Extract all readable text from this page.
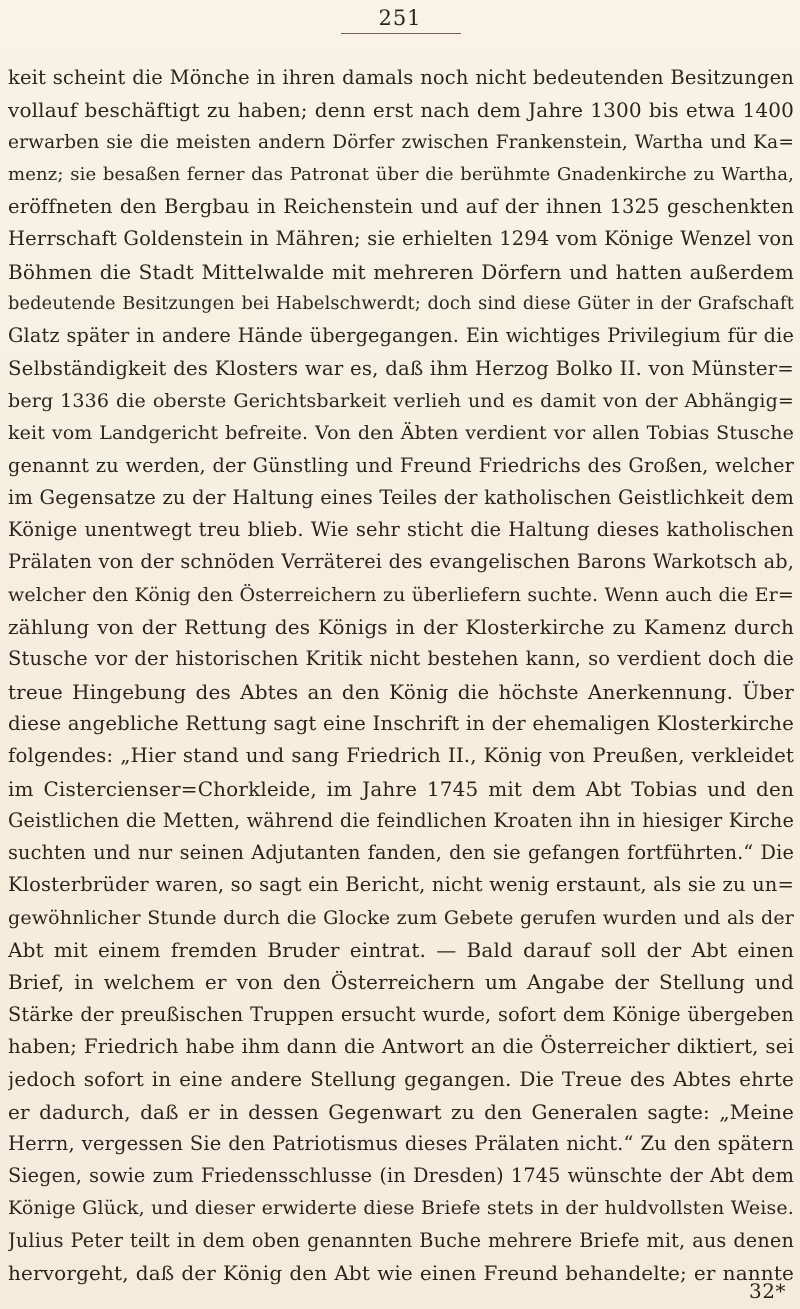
251
keit scheint die Mönche in ihren damals noch nicht bedeutenden Besitzungen
vollauf beschäftigt zu haben; denn erst nach dem Jahre 1300 bis etwa 1400
erwarben sie die meisten andern Dörfer zwischen Frankenstein, Wartha und Ka=
menz; sie besaßen ferner das Patronat über die berühmte Gnadenkirche zu Wartha,
eröffneten den Bergbau in Reichenstein und auf der ihnen 1325 geschenkten
Herrschaft Goldenstein in Mähren; sie erhielten 1294 vom Könige Wenzel von
Böhmen die Stadt Mittelwalde mit mehreren Dörfern und hatten außerdem
bedeutende Besitzungen bei Habelschwerdt; doch sind diese Güter in der Grafschaft
Glatz später in andere Hände übergegangen. Ein wichtiges Privilegium für die
Selbständigkeit des Klosters war es, daß ihm Herzog Bolko II. von Münster=
berg 1336 die oberste Gerichtsbarkeit verlieh und es damit von der Abhängig=
keit vom Landgericht befreite. Von den Äbten verdient vor allen Tobias Stusche
genannt zu werden, der Günstling und Freund Friedrichs des Großen, welcher
im Gegensatze zu der Haltung eines Teiles der katholischen Geistlichkeit dem
Könige unentwegt treu blieb. Wie sehr sticht die Haltung dieses katholischen
Prälaten von der schnöden Verräterei des evangelischen Barons Warkotsch ab,
welcher den König den Österreichern zu überliefern suchte. Wenn auch die Er=
zählung von der Rettung des Königs in der Klosterkirche zu Kamenz durch
Stusche vor der historischen Kritik nicht bestehen kann, so verdient doch die
treue Hingebung des Abtes an den König die höchste Anerkennung. Über
diese angebliche Rettung sagt eine Inschrift in der ehemaligen Klosterkirche
folgendes: „Hier stand und sang Friedrich II., König von Preußen, verkleidet
im Cistercienser=Chorkleide, im Jahre 1745 mit dem Abt Tobias und den
Geistlichen die Metten, während die feindlichen Kroaten ihn in hiesiger Kirche
suchten und nur seinen Adjutanten fanden, den sie gefangen fortführten.“ Die
Klosterbrüder waren, so sagt ein Bericht, nicht wenig erstaunt, als sie zu un=
gewöhnlicher Stunde durch die Glocke zum Gebete gerufen wurden und als der
Abt mit einem fremden Bruder eintrat. — Bald darauf soll der Abt einen
Brief, in welchem er von den Österreichern um Angabe der Stellung und
Stärke der preußischen Truppen ersucht wurde, sofort dem Könige übergeben
haben; Friedrich habe ihm dann die Antwort an die Österreicher diktiert, sei
jedoch sofort in eine andere Stellung gegangen. Die Treue des Abtes ehrte
er dadurch, daß er in dessen Gegenwart zu den Generalen sagte: „Meine
Herrn, vergessen Sie den Patriotismus dieses Prälaten nicht.“ Zu den spätern
Siegen, sowie zum Friedensschlusse (in Dresden) 1745 wünschte der Abt dem
Könige Glück, und dieser erwiderte diese Briefe stets in der huldvollsten Weise.
Julius Peter teilt in dem oben genannten Buche mehrere Briefe mit, aus denen
hervorgeht, daß der König den Abt wie einen Freund behandelte; er nannte
32*
